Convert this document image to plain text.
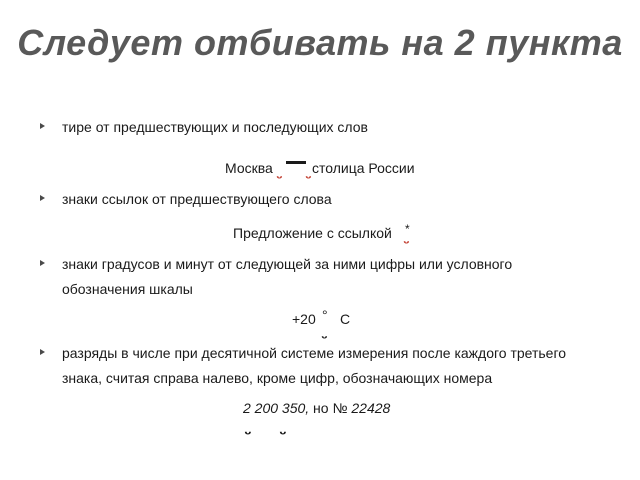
Следует отбивать на 2 пункта
тире от предшествующих и последующих слов
Москва	столица России
ᵕ ᵕ
знаки ссылок от предшествующего слова
Предложение с ссылкой *
ᵕ
знаки градусов и минут от следующей за ними цифры или условного обозначения шкалы
+20 ° С
ᵕ
разряды в числе при десятичной системе измерения после каждого третьего знака, считая справа налево, кроме цифр, обозначающих номера
2 200 350, но № 22428
ᵕ ᵕ
